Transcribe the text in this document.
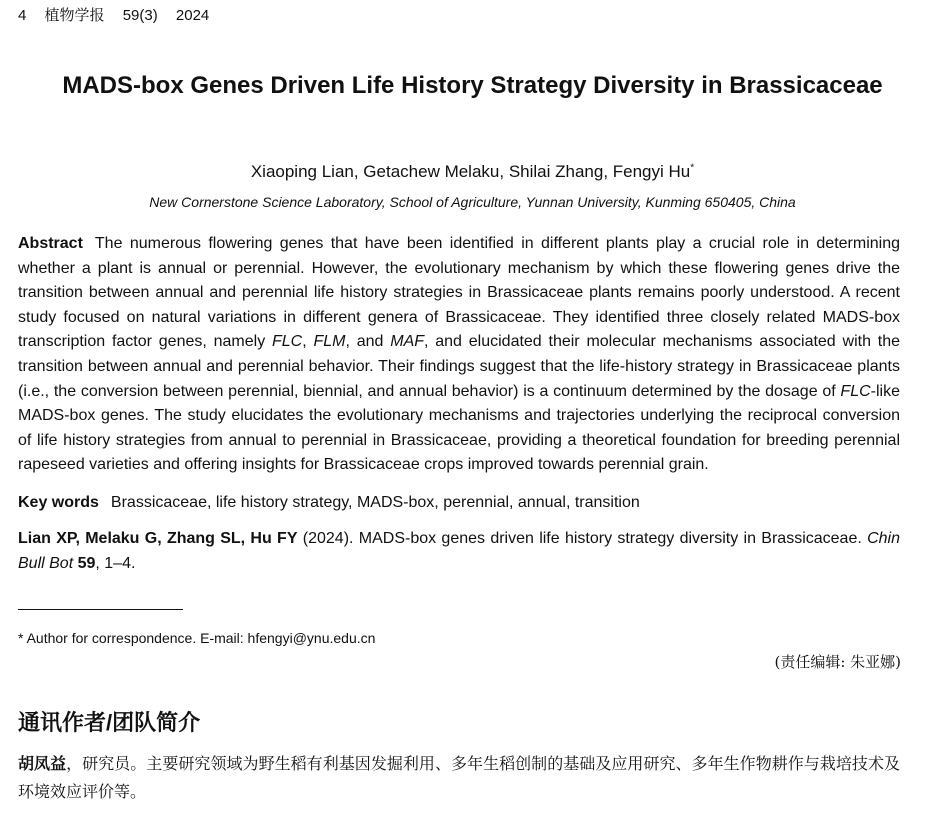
4 植物学报 59(3) 2024
MADS-box Genes Driven Life History Strategy Diversity in Brassicaceae
Xiaoping Lian, Getachew Melaku, Shilai Zhang, Fengyi Hu*
New Cornerstone Science Laboratory, School of Agriculture, Yunnan University, Kunming 650405, China
Abstract The numerous flowering genes that have been identified in different plants play a crucial role in determining whether a plant is annual or perennial. However, the evolutionary mechanism by which these flowering genes drive the transition between annual and perennial life history strategies in Brassicaceae plants remains poorly understood. A recent study focused on natural variations in different genera of Brassicaceae. They identified three closely related MADS-box transcription factor genes, namely FLC, FLM, and MAF, and elucidated their molecular mechanisms associated with the transition between annual and perennial behavior. Their findings suggest that the life-history strategy in Brassicaceae plants (i.e., the conversion between perennial, biennial, and annual behavior) is a continuum determined by the dosage of FLC-like MADS-box genes. The study elucidates the evolutionary mechanisms and trajectories underlying the reciprocal conversion of life history strategies from annual to perennial in Brassicaceae, providing a theoretical foundation for breeding perennial rapeseed varieties and offering insights for Brassicaceae crops improved towards perennial grain.
Key words Brassicaceae, life history strategy, MADS-box, perennial, annual, transition
Lian XP, Melaku G, Zhang SL, Hu FY (2024). MADS-box genes driven life history strategy diversity in Brassicaceae. Chin Bull Bot 59, 1–4.
* Author for correspondence. E-mail: hfengyi@ynu.edu.cn
(责任编辑: 朱亚娜)
通讯作者/团队简介
胡凤益，研究员。主要研究领域为野生稻有利基因发掘利用、多年生稻创制的基础及应用研究、多年生作物耕作与栽培技术及环境效应评价等。
